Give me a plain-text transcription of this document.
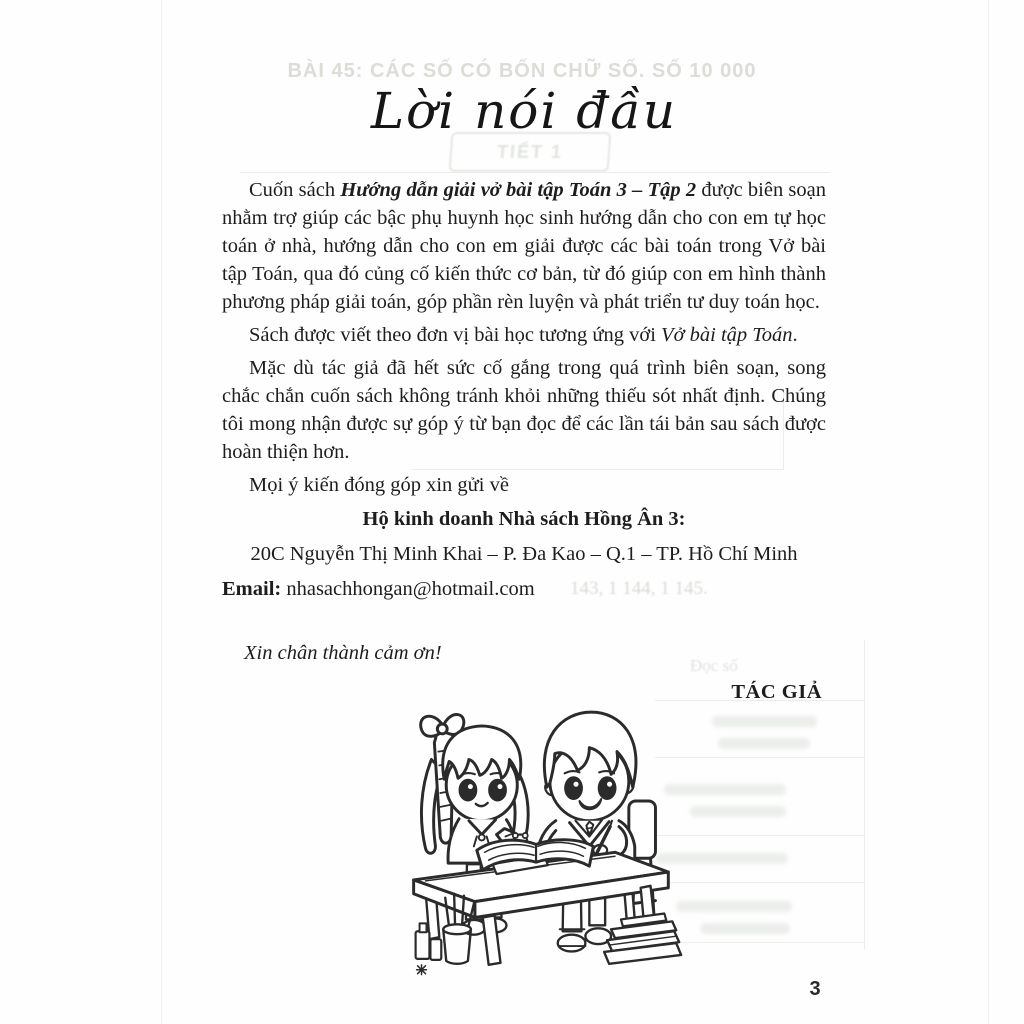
BÀI 45: CÁC SỐ CÓ BỐN CHỮ SỐ. SỐ 10 000
TIẾT 1
143, 1 144, 1 145.
Đọc số
Lời nói đầu

Cuốn sách Hướng dẫn giải vở bài tập Toán 3 – Tập 2 được biên soạn nhằm trợ giúp các bậc phụ huynh học sinh hướng dẫn cho con em tự học toán ở nhà, hướng dẫn cho con em giải được các bài toán trong Vở bài tập Toán, qua đó củng cố kiến thức cơ bản, từ đó giúp con em hình thành phương pháp giải toán, góp phần rèn luyện và phát triển tư duy toán học.

Sách được viết theo đơn vị bài học tương ứng với Vở bài tập Toán.

Mặc dù tác giả đã hết sức cố gắng trong quá trình biên soạn, song chắc chắn cuốn sách không tránh khỏi những thiếu sót nhất định. Chúng tôi mong nhận được sự góp ý từ bạn đọc để các lần tái bản sau sách được hoàn thiện hơn.

Mọi ý kiến đóng góp xin gửi về

Hộ kinh doanh Nhà sách Hồng Ân 3:

20C Nguyễn Thị Minh Khai – P. Đa Kao – Q.1 – TP. Hồ Chí Minh

Email: nhasachhongan@hotmail.com

Xin chân thành cảm ơn!

TÁC GIẢ

3
